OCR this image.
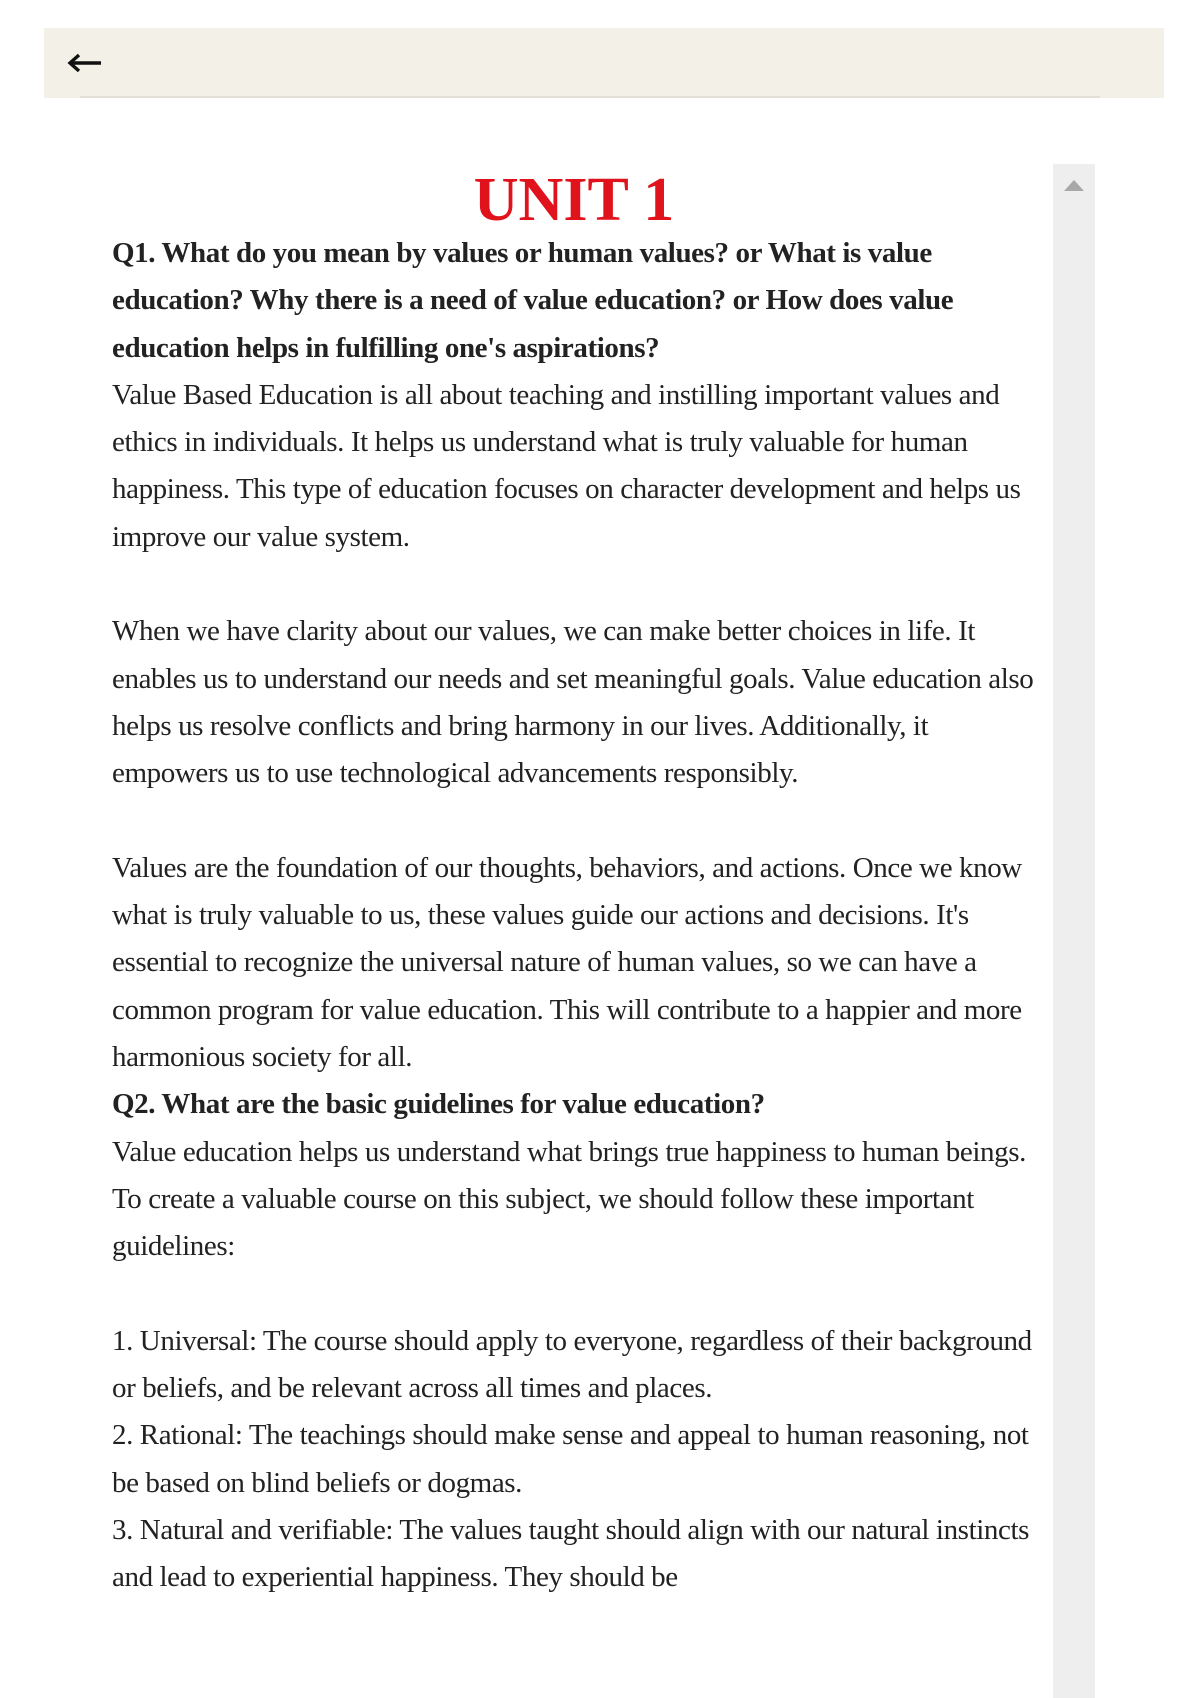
UNIT 1

Q1. What do you mean by values or human values? or What is value education? Why there is a need of value education? or How does value education helps in fulfilling one's aspirations?

Value Based Education is all about teaching and instilling important values and ethics in individuals. It helps us understand what is truly valuable for human happiness. This type of education focuses on character development and helps us improve our value system.

When we have clarity about our values, we can make better choices in life. It enables us to understand our needs and set meaningful goals. Value education also helps us resolve conflicts and bring harmony in our lives. Additionally, it empowers us to use technological advancements responsibly.

Values are the foundation of our thoughts, behaviors, and actions. Once we know what is truly valuable to us, these values guide our actions and decisions. It's essential to recognize the universal nature of human values, so we can have a common program for value education. This will contribute to a happier and more harmonious society for all.

Q2. What are the basic guidelines for value education?

Value education helps us understand what brings true happiness to human beings. To create a valuable course on this subject, we should follow these important guidelines:

1. Universal: The course should apply to everyone, regardless of their background or beliefs, and be relevant across all times and places.

2. Rational: The teachings should make sense and appeal to human reasoning, not be based on blind beliefs or dogmas.

3. Natural and verifiable: The values taught should align with our natural instincts and lead to experiential happiness. They should be
